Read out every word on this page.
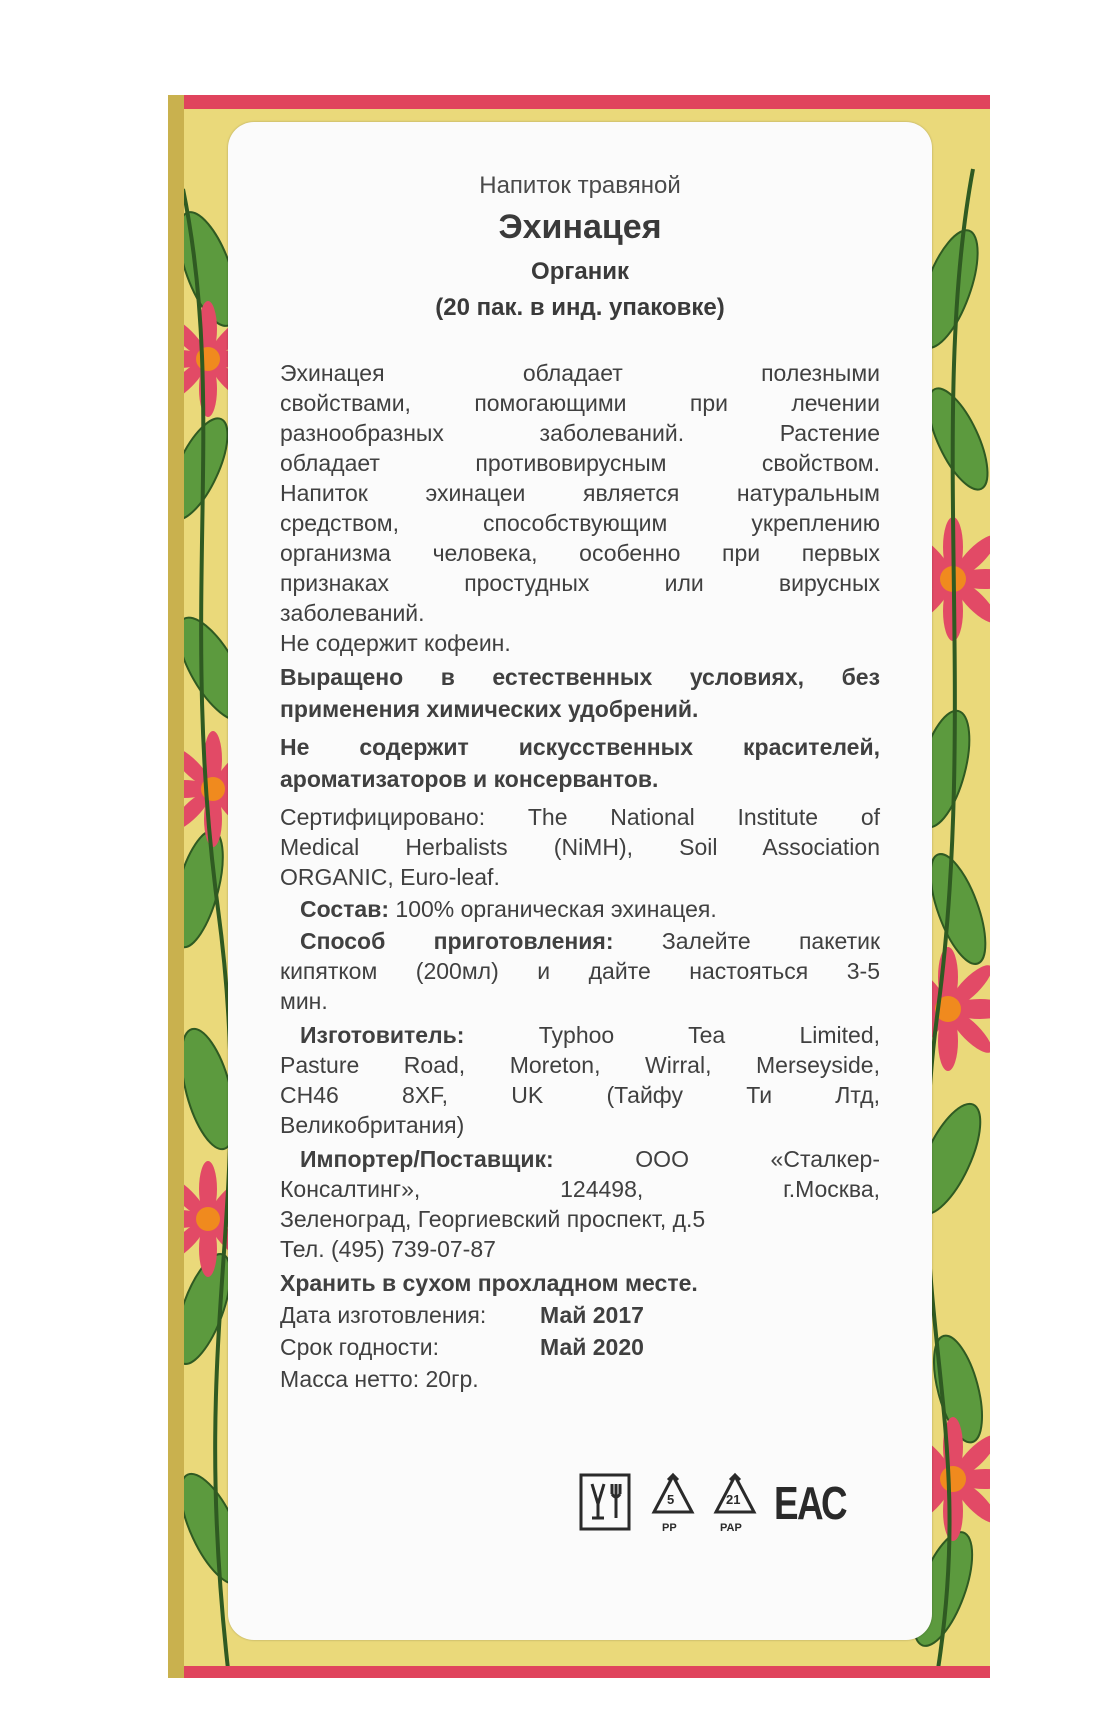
Напиток травяной
Эхинацея
Органик
(20 пак. в инд. упаковке)
Эхинацея обладает полезными
свойствами, помогающими при лечении
разнообразных заболеваний. Растение
обладает противовирусным свойством.
Напиток эхинацеи является натуральным
средством, способствующим укреплению
организма человека, особенно при первых
признаках простудных или вирусных
заболеваний.
Не содержит кофеин.
Выращено в естественных условиях, без
применения химических удобрений.
Не содержит искусственных красителей,
ароматизаторов и консервантов.
Сертифицировано: The National Institute of
Medical Herbalists (NiMH), Soil Association
ORGANIC, Euro-leaf.
Состав: 100% органическая эхинацея.
Способ приготовления: Залейте пакетик
кипятком (200мл) и дайте настояться 3-5
мин.
Изготовитель:	Typhoo Tea Limited,
Pasture Road, Moreton, Wirral, Merseyside,
CH46 8XF, UK (Тайфу Ти Лтд,
Великобритания)
Импортер/Поставщик:	ООО «Сталкер-
Консалтинг», 124498, г.Москва,
Зеленоград, Георгиевский проспект, д.5
Тел. (495) 739-07-87
Хранить в сухом прохладном месте.
Дата изготовления: Май 2017
Срок годности:	Май 2020
Масса нетто: 20гр.
5
PP
21
PAP ЕАС
